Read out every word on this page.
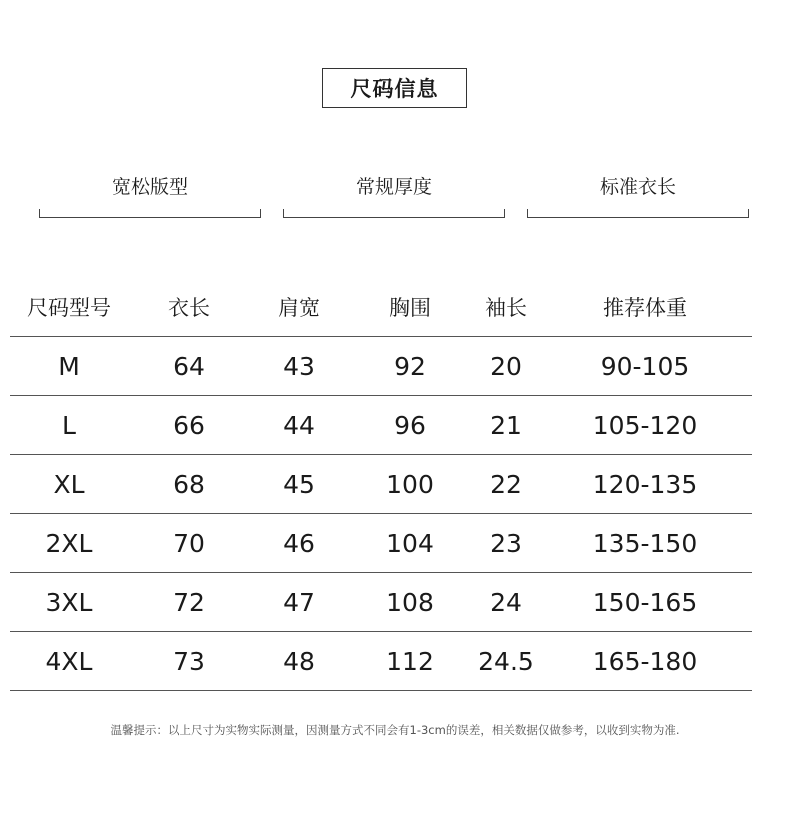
尺码信息
宽松版型	常规厚度	标准衣长
尺码型号	衣长	肩宽	胸围	袖长	推荐体重
M	64	43	92	20	90-105
L	66	44	96	21	105-120
XL	68	45	100	22	120-135
2XL	70	46	104	23	135-150
3XL	72	47	108	24	150-165
4XL	73	48	112	24.5	165-180
温馨提示：以上尺寸为实物实际测量，因测量方式不同会有1-3cm的误差，相关数据仅做参考，以收到实物为准.
